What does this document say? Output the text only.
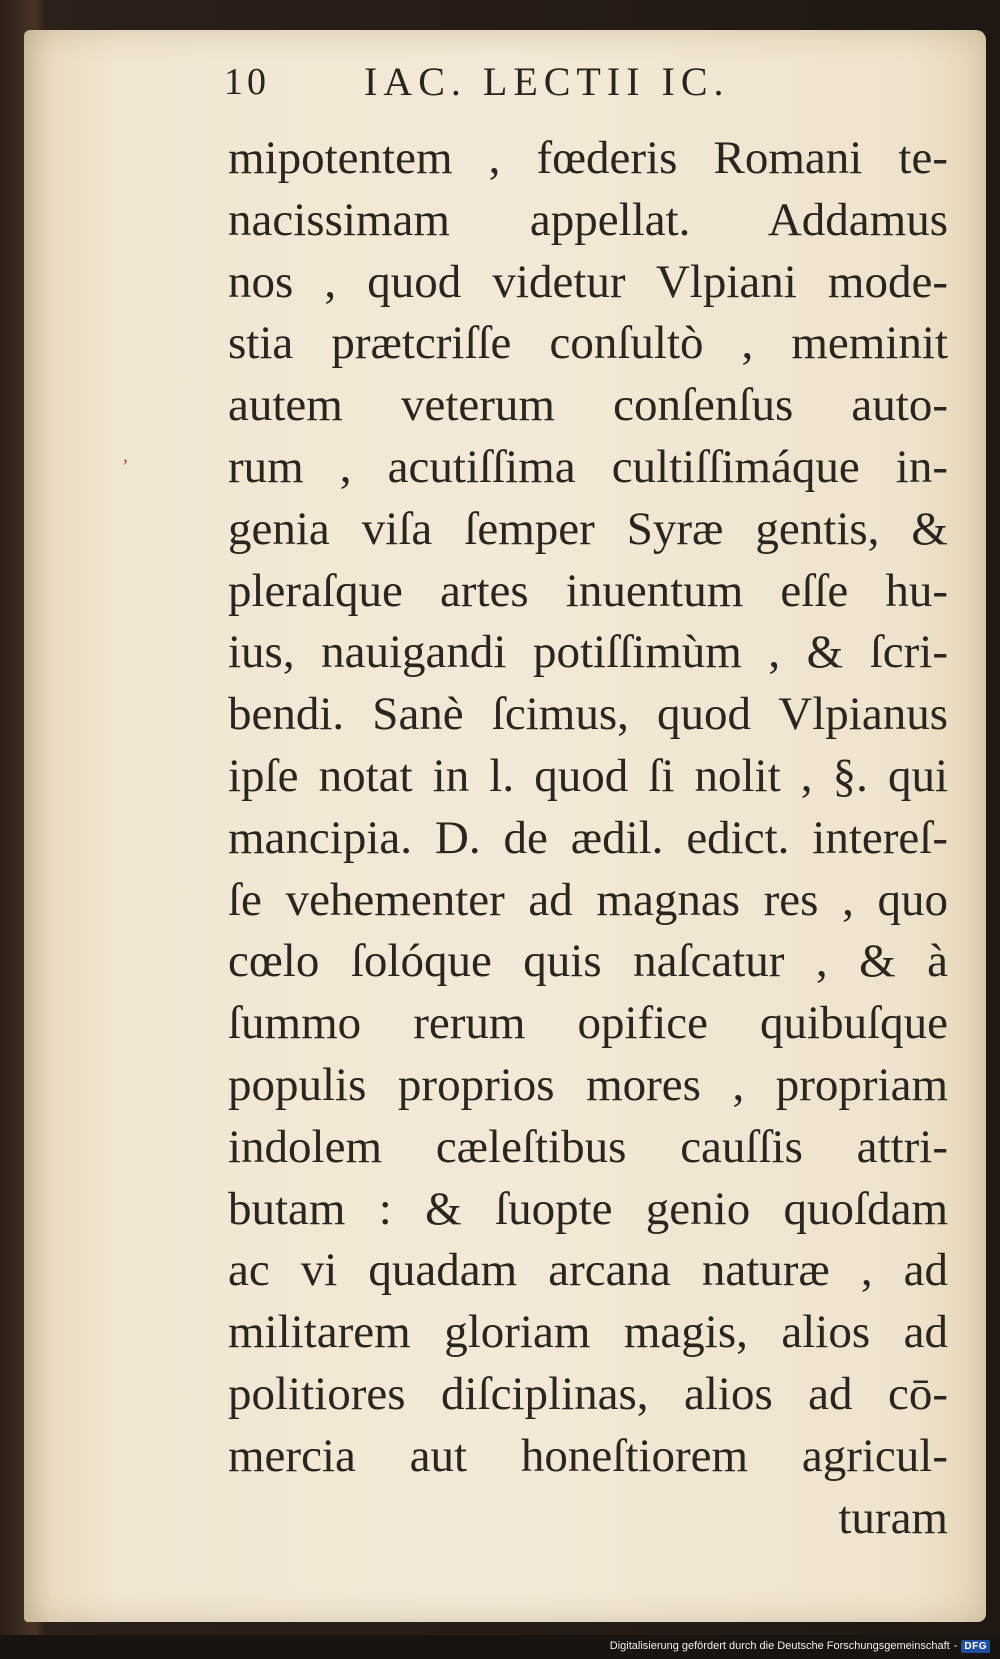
10 IAC. LECTII IC.
ʼ
mipotentem , fœderis Romani te-
nacissimam appellat. Addamus
nos , quod videtur Vlpiani mode-
stia prætcriſſe conſultò , meminit
autem veterum conſenſus auto-
rum , acutiſſima cultiſſimáque in-
genia viſa ſemper Syræ gentis, &
pleraſque artes inuentum eſſe hu-
ius, nauigandi potiſſimùm , & ſcri-
bendi. Sanè ſcimus, quod Vlpianus
ipſe notat in l. quod ſi nolit , §. qui
mancipia. D. de ædil. edict. intereſ-
ſe vehementer ad magnas res , quo
cœlo ſolóque quis naſcatur , & à
ſummo rerum opifice quibuſque
populis proprios mores , propriam
indolem cæleſtibus cauſſis attri-
butam : & ſuopte genio quoſdam
ac vi quadam arcana naturæ , ad
militarem gloriam magis, alios ad
politiores diſciplinas, alios ad cō-
mercia aut honeſtiorem agricul-
turam
Digitalisierung gefördert durch die Deutsche Forschungsgemeinschaft - DFG
